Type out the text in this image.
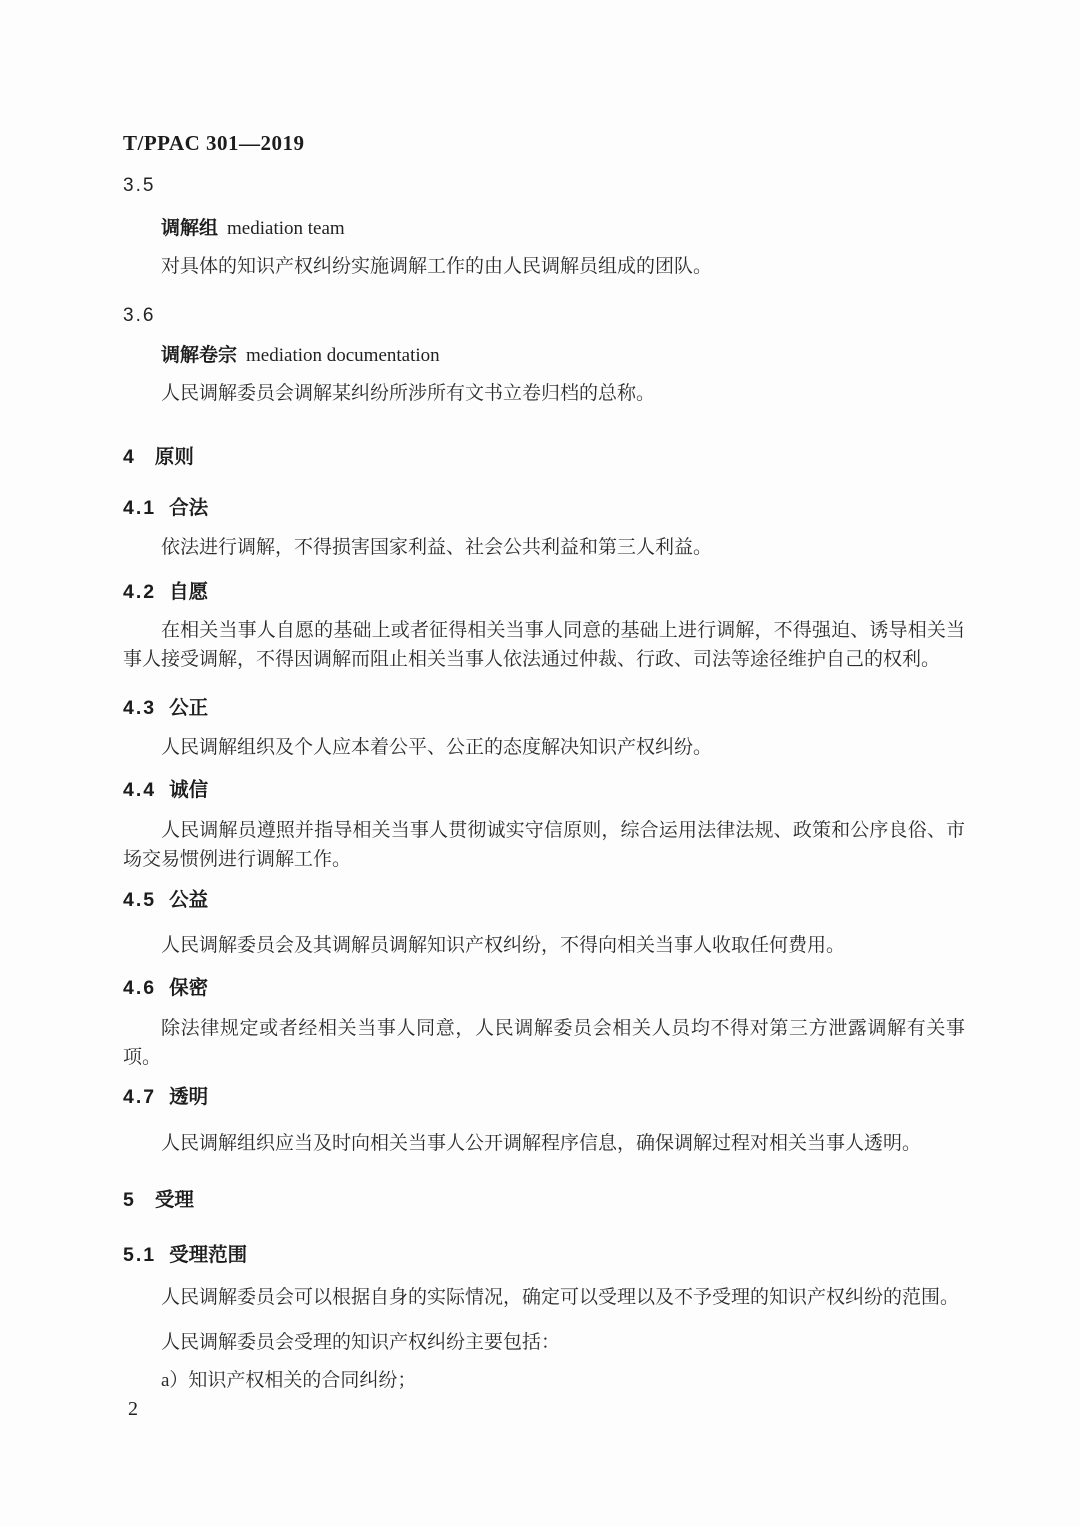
T/PPAC 301—2019
3.5
调解组 mediation team
对具体的知识产权纠纷实施调解工作的由人民调解员组成的团队。
3.6
调解卷宗 mediation documentation
人民调解委员会调解某纠纷所涉所有文书立卷归档的总称。
4 原则
4.1 合法
依法进行调解，不得损害国家利益、社会公共利益和第三人利益。
4.2 自愿
在相关当事人自愿的基础上或者征得相关当事人同意的基础上进行调解，不得强迫、诱导相关当事人接受调解，不得因调解而阻止相关当事人依法通过仲裁、行政、司法等途径维护自己的权利。
4.3 公正
人民调解组织及个人应本着公平、公正的态度解决知识产权纠纷。
4.4 诚信
人民调解员遵照并指导相关当事人贯彻诚实守信原则，综合运用法律法规、政策和公序良俗、市场交易惯例进行调解工作。
4.5 公益
人民调解委员会及其调解员调解知识产权纠纷，不得向相关当事人收取任何费用。
4.6 保密
除法律规定或者经相关当事人同意，人民调解委员会相关人员均不得对第三方泄露调解有关事项。
4.7 透明
人民调解组织应当及时向相关当事人公开调解程序信息，确保调解过程对相关当事人透明。
5 受理
5.1 受理范围
人民调解委员会可以根据自身的实际情况，确定可以受理以及不予受理的知识产权纠纷的范围。
人民调解委员会受理的知识产权纠纷主要包括：
a）知识产权相关的合同纠纷；
2
